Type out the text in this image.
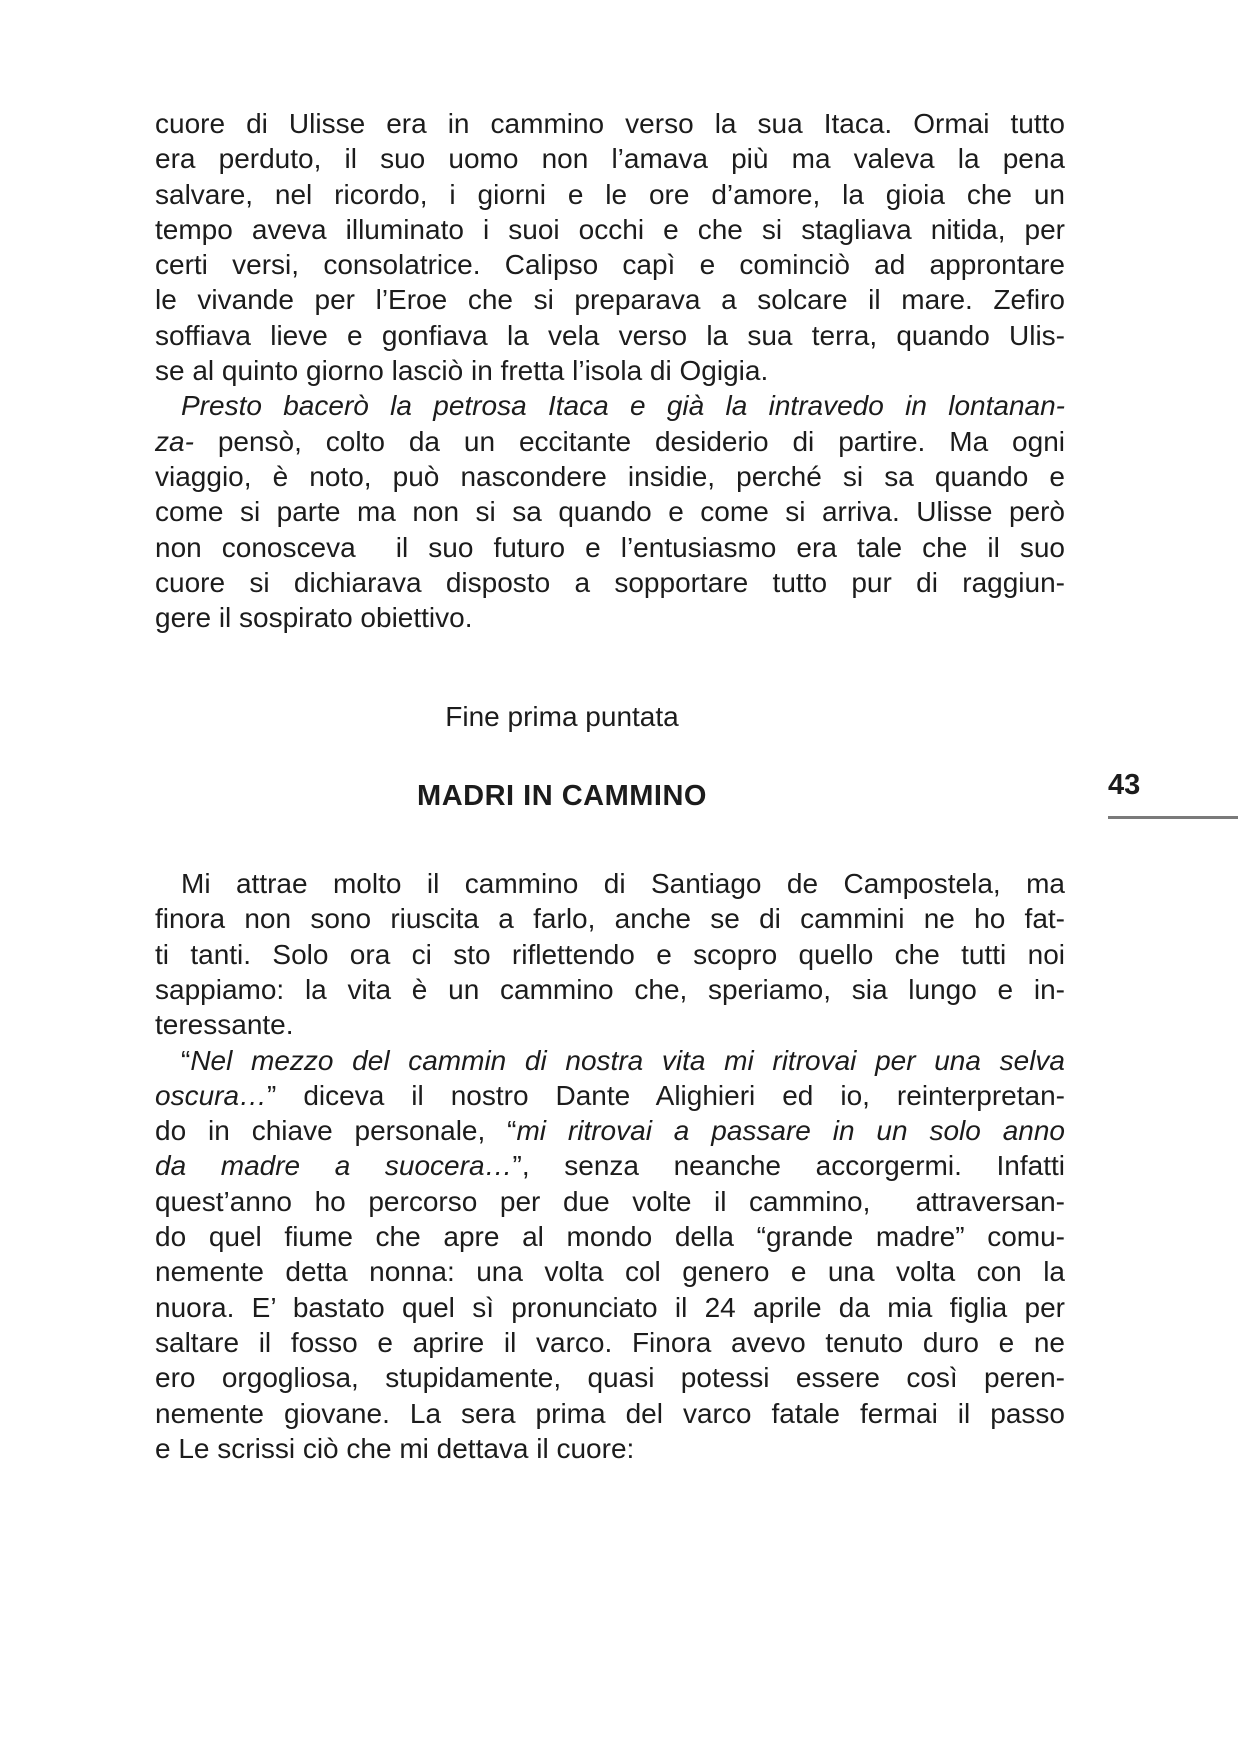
cuore di Ulisse era in cammino verso la sua Itaca. Ormai tutto
era perduto, il suo uomo non l’amava più ma valeva la pena
salvare, nel ricordo, i giorni e le ore d’amore, la gioia che un
tempo aveva illuminato i suoi occhi e che si stagliava nitida, per
certi versi, consolatrice. Calipso capì e cominciò ad approntare
le vivande per l’Eroe che si preparava a solcare il mare. Zefiro
soffiava lieve e gonfiava la vela verso la sua terra, quando Ulis-
se al quinto giorno lasciò in fretta l’isola di Ogigia.
Presto bacerò la petrosa Itaca e già la intravedo in lontanan-
za- pensò, colto da un eccitante desiderio di partire. Ma ogni
viaggio, è noto, può nascondere insidie, perché si sa quando e
come si parte ma non si sa quando e come si arriva. Ulisse però
non conosceva  il suo futuro e l’entusiasmo era tale che il suo
cuore si dichiarava disposto a sopportare tutto pur di raggiun-
gere il sospirato obiettivo.
Fine prima puntata
MADRI IN CAMMINO
Mi attrae molto il cammino di Santiago de Campostela, ma
finora non sono riuscita a farlo, anche se di cammini ne ho fat-
ti tanti. Solo ora ci sto riflettendo e scopro quello che tutti noi
sappiamo: la vita è un cammino che, speriamo, sia lungo e in-
teressante.
“Nel mezzo del cammin di nostra vita mi ritrovai per una selva
oscura…” diceva il nostro Dante Alighieri ed io, reinterpretan-
do in chiave personale, “mi ritrovai a passare in un solo anno
da madre a suocera…”, senza neanche accorgermi. Infatti
quest’anno ho percorso per due volte il cammino,  attraversan-
do quel fiume che apre al mondo della “grande madre” comu-
nemente detta nonna: una volta col genero e una volta con la
nuora. E’ bastato quel sì pronunciato il 24 aprile da mia figlia per
saltare il fosso e aprire il varco. Finora avevo tenuto duro e ne
ero orgogliosa, stupidamente, quasi potessi essere così peren-
nemente giovane. La sera prima del varco fatale fermai il passo
e Le scrissi ciò che mi dettava il cuore:
43
